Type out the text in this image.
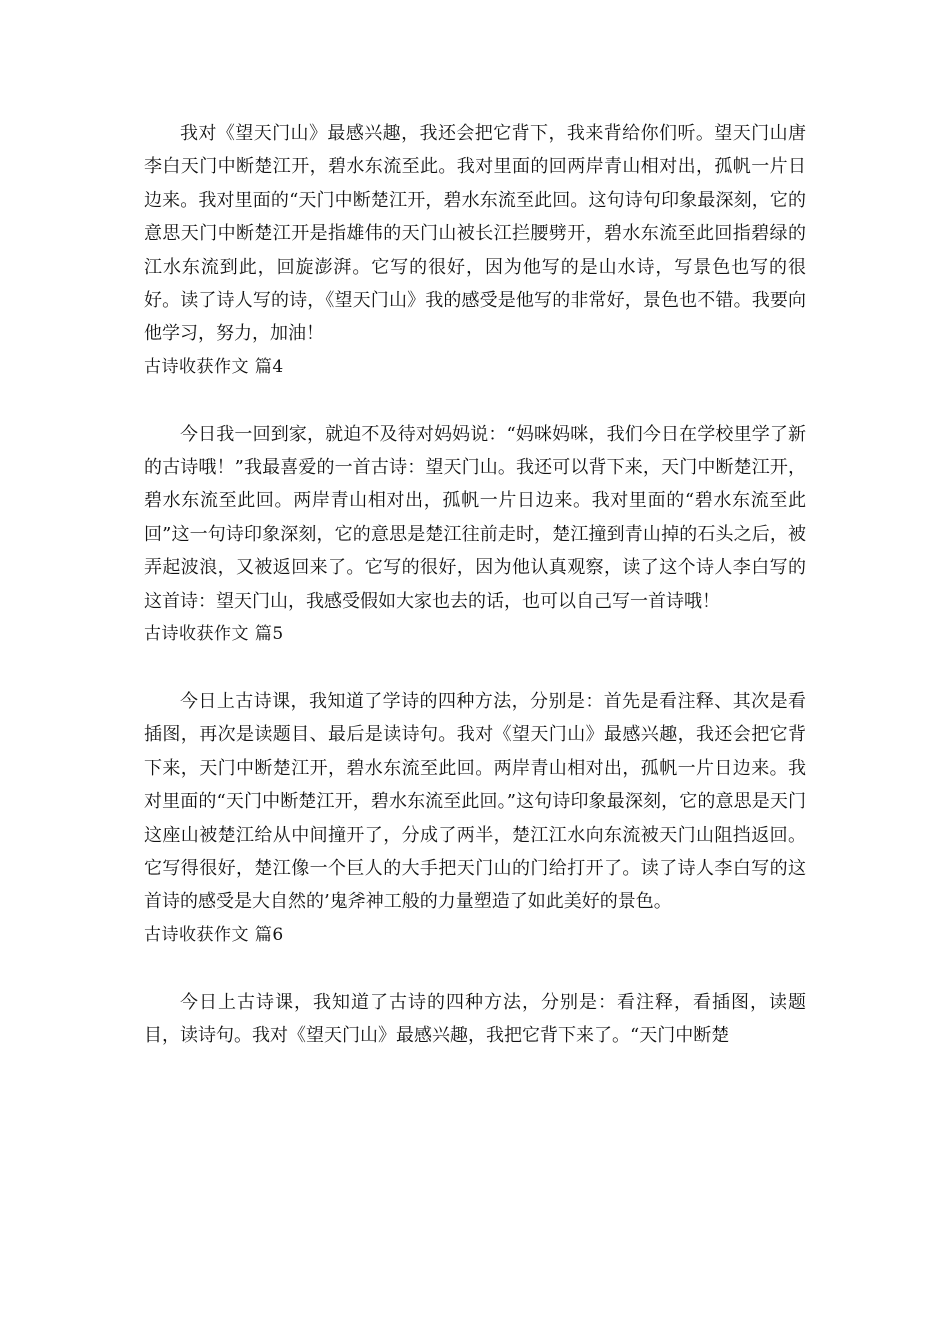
我对《望天门山》最感兴趣，我还会把它背下，我来背给你们听。望天门山唐李白天门中断楚江开，碧水东流至此。我对里面的回两岸青山相对出，孤帆一片日边来。我对里面的“天门中断楚江开，碧水东流至此回。这句诗句印象最深刻，它的意思天门中断楚江开是指雄伟的天门山被长江拦腰劈开，碧水东流至此回指碧绿的江水东流到此，回旋澎湃。它写的很好，因为他写的是山水诗，写景色也写的很好。读了诗人写的诗，《望天门山》我的感受是他写的非常好，景色也不错。我要向他学习，努力，加油！

古诗收获作文 篇4

今日我一回到家，就迫不及待对妈妈说：“妈咪妈咪，我们今日在学校里学了新的古诗哦！”我最喜爱的一首古诗：望天门山。我还可以背下来，天门中断楚江开，碧水东流至此回。两岸青山相对出，孤帆一片日边来。我对里面的“碧水东流至此回”这一句诗印象深刻，它的意思是楚江往前走时，楚江撞到青山掉的石头之后，被弄起波浪，又被返回来了。它写的很好，因为他认真观察，读了这个诗人李白写的这首诗：望天门山，我感受假如大家也去的话，也可以自己写一首诗哦！

古诗收获作文 篇5

今日上古诗课，我知道了学诗的四种方法，分别是：首先是看注释、其次是看插图，再次是读题目、最后是读诗句。我对《望天门山》最感兴趣，我还会把它背下来，天门中断楚江开，碧水东流至此回。两岸青山相对出，孤帆一片日边来。我对里面的“天门中断楚江开，碧水东流至此回。”这句诗印象最深刻，它的意思是天门这座山被楚江给从中间撞开了，分成了两半，楚江江水向东流被天门山阻挡返回。它写得很好，楚江像一个巨人的大手把天门山的门给打开了。读了诗人李白写的这首诗的感受是大自然的’鬼斧神工般的力量塑造了如此美好的景色。

古诗收获作文 篇6

今日上古诗课，我知道了古诗的四种方法，分别是：看注释，看插图，读题目，读诗句。我对《望天门山》最感兴趣，我把它背下来了。“天门中断楚
